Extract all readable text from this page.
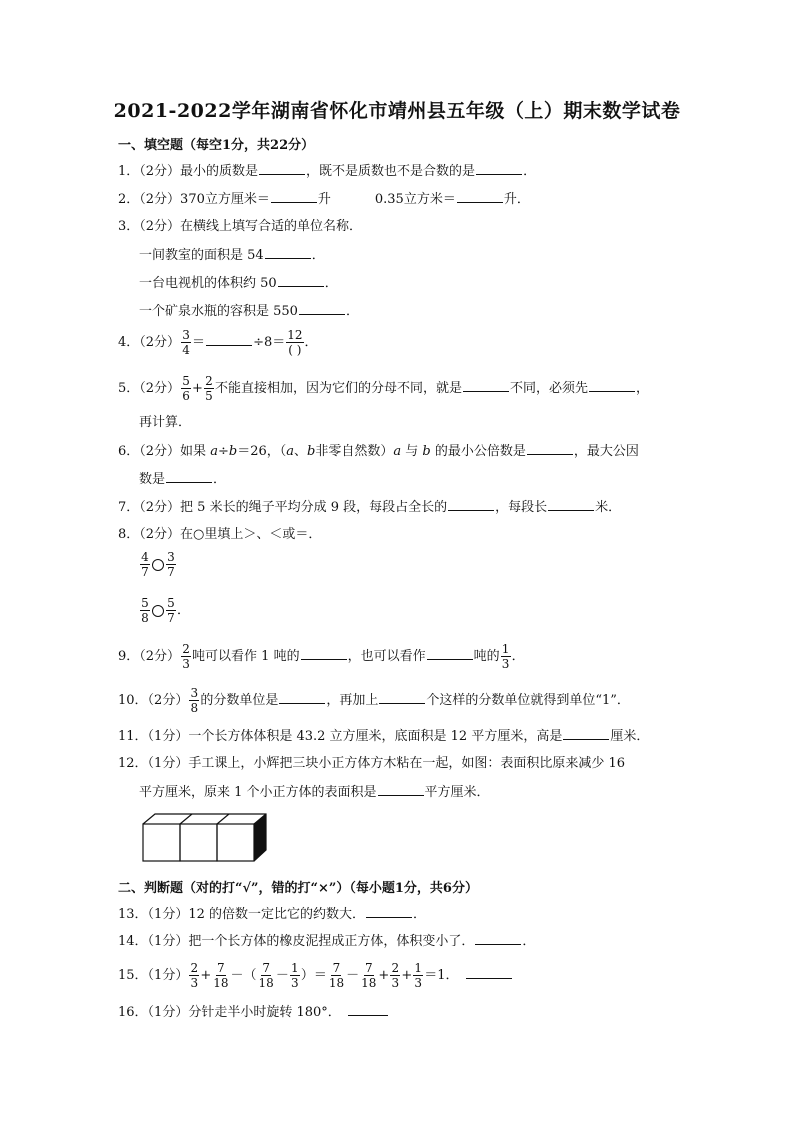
2021-2022学年湖南省怀化市靖州县五年级（上）期末数学试卷
一、填空题（每空1分，共22分）
1．（2分）最小的质数是	，既不是质数也不是合数的是	．
2．（2分）370立方厘米＝	升	0.35立方米＝	升．
3．（2分）在横线上填写合适的单位名称．
一间教室的面积是 54	．
一台电视机的体积约 50	．
一个矿泉水瓶的容积是 550	．
4．（2分） $\frac{3}{4}$ ＝	$\div 8= \frac{12}{( )}$ ．
5．（2分） $\frac{5}{6} + \frac{2}{5}$ 不能直接相加，因为它们的分母不同，就是	不同，必须先	，
再计算．
6．（2分）如果 a÷b＝26，（a、b非零自然数）a 与 b 的最小公倍数是	，最大公因
数是	．
7．（2分）把 5 米长的绳子平均分成 9 段，每段占全长的	，每段长	米．
8．（2分）在○里填上＞、＜或＝．
$\frac{4}{7} \frac{3}{7}$
$\frac{5}{8} \frac{5}{7}$ ．
9．（2分） $\frac{2}{3}$ 吨可以看作 1 吨的	，也可以看作	吨的 $\frac{1}{3}$ ．
10．（2分） $\frac{3}{8}$ 的分数单位是	，再加上	个这样的分数单位就得到单位“1”．
11．（1分）一个长方体体积是 43.2 立方厘米，底面积是 12 平方厘米，高是	厘米．
12．（1分）手工课上，小辉把三块小正方体方木粘在一起，如图：表面积比原来减少 16
平方厘米，原来 1 个小正方体的表面积是	平方厘米．
二、判断题（对的打“√”，错的打“×”）（每小题1分，共6分）
13．（1分）12 的倍数一定比它的约数大．	．
14．（1分）把一个长方体的橡皮泥捏成正方体，体积变小了．	．
15．（1分） $\frac{2}{3} + \frac{7}{18}$ －（ $\frac{7}{18} - \frac{1}{3}$ ）＝ $\frac{7}{18} - \frac{7}{18} + \frac{2}{3} + \frac{1}{3} =1$．
16．（1分）分针走半小时旋转 180°．
